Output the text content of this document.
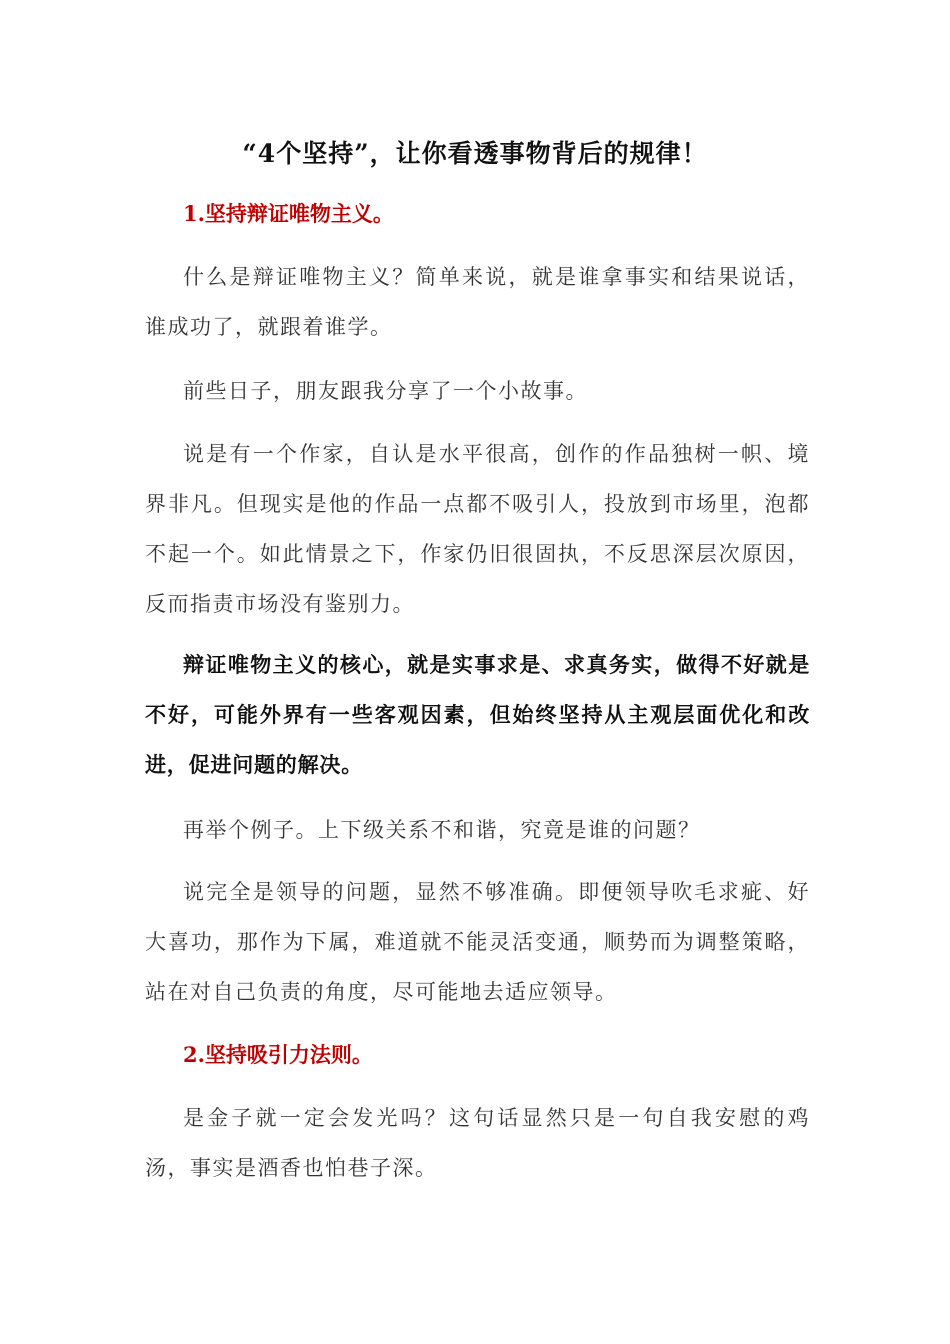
“4个坚持”，让你看透事物背后的规律！
1.坚持辩证唯物主义。

什么是辩证唯物主义？简单来说，就是谁拿事实和结果说话，谁成功了，就跟着谁学。

前些日子，朋友跟我分享了一个小故事。

说是有一个作家，自认是水平很高，创作的作品独树一帜、境界非凡。但现实是他的作品一点都不吸引人，投放到市场里，泡都不起一个。如此情景之下，作家仍旧很固执，不反思深层次原因，反而指责市场没有鉴别力。

辩证唯物主义的核心，就是实事求是、求真务实，做得不好就是不好，可能外界有一些客观因素，但始终坚持从主观层面优化和改进，促进问题的解决。

再举个例子。上下级关系不和谐，究竟是谁的问题？

说完全是领导的问题，显然不够准确。即便领导吹毛求疵、好大喜功，那作为下属，难道就不能灵活变通，顺势而为调整策略，站在对自己负责的角度，尽可能地去适应领导。

2.坚持吸引力法则。

是金子就一定会发光吗？这句话显然只是一句自我安慰的鸡汤，事实是酒香也怕巷子深。
